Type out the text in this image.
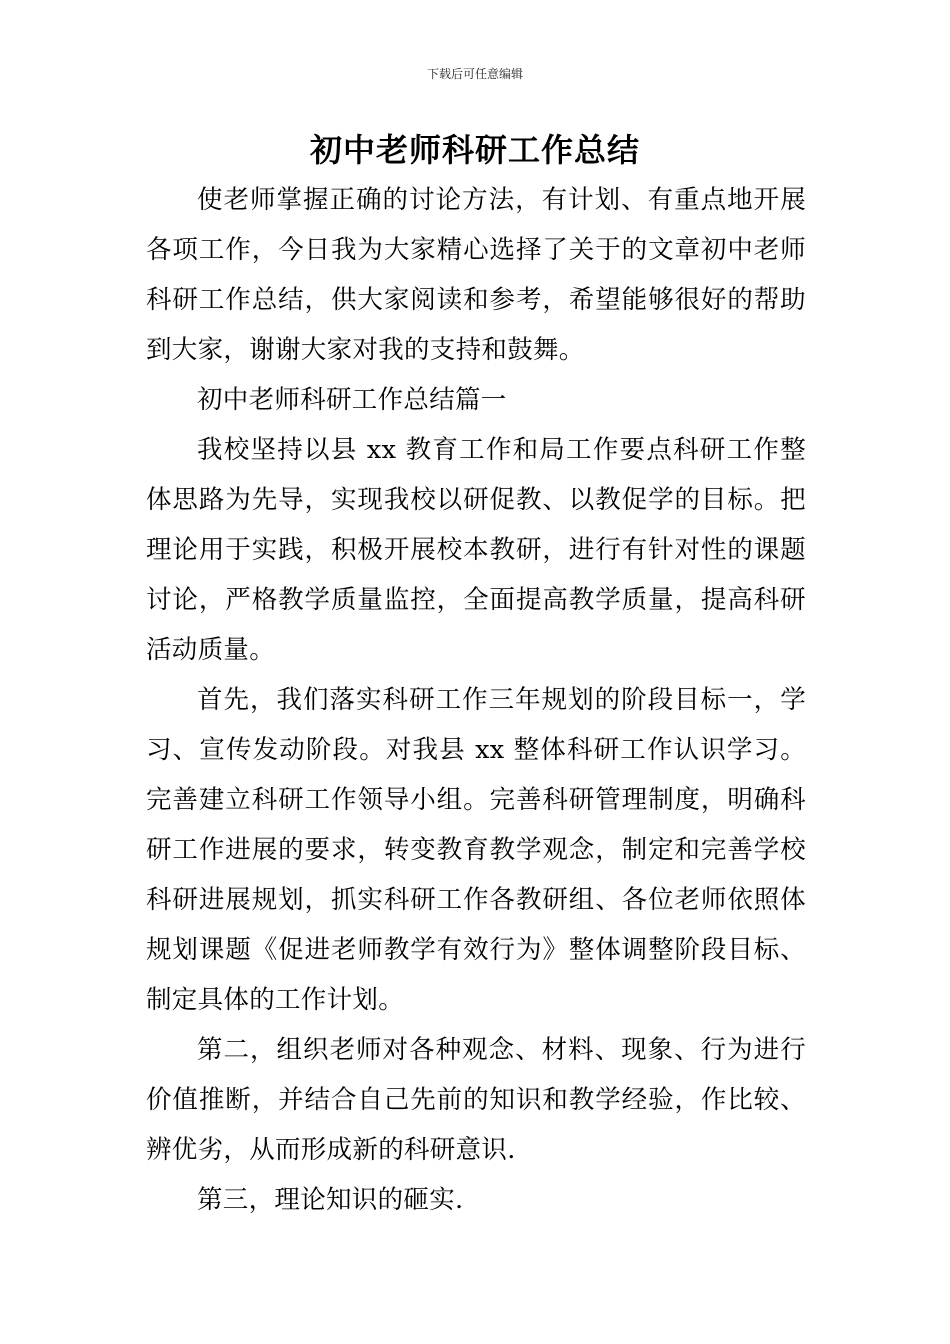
下载后可任意编辑
初中老师科研工作总结

使老师掌握正确的讨论方法，有计划、有重点地开展各项工作，今日我为大家精心选择了关于的文章初中老师科研工作总结，供大家阅读和参考，希望能够很好的帮助到大家，谢谢大家对我的支持和鼓舞。

初中老师科研工作总结篇一

我校坚持以县 xx 教育工作和局工作要点科研工作整体思路为先导，实现我校以研促教、以教促学的目标。把理论用于实践，积极开展校本教研，进行有针对性的课题讨论，严格教学质量监控，全面提高教学质量，提高科研活动质量。

首先，我们落实科研工作三年规划的阶段目标一，学习、宣传发动阶段。对我县 xx 整体科研工作认识学习。完善建立科研工作领导小组。完善科研管理制度，明确科研工作进展的要求，转变教育教学观念，制定和完善学校科研进展规划，抓实科研工作各教研组、各位老师依照体规划课题《促进老师教学有效行为》整体调整阶段目标、制定具体的工作计划。

第二，组织老师对各种观念、材料、现象、行为进行价值推断，并结合自己先前的知识和教学经验，作比较、辨优劣，从而形成新的科研意识.

第三，理论知识的砸实.
